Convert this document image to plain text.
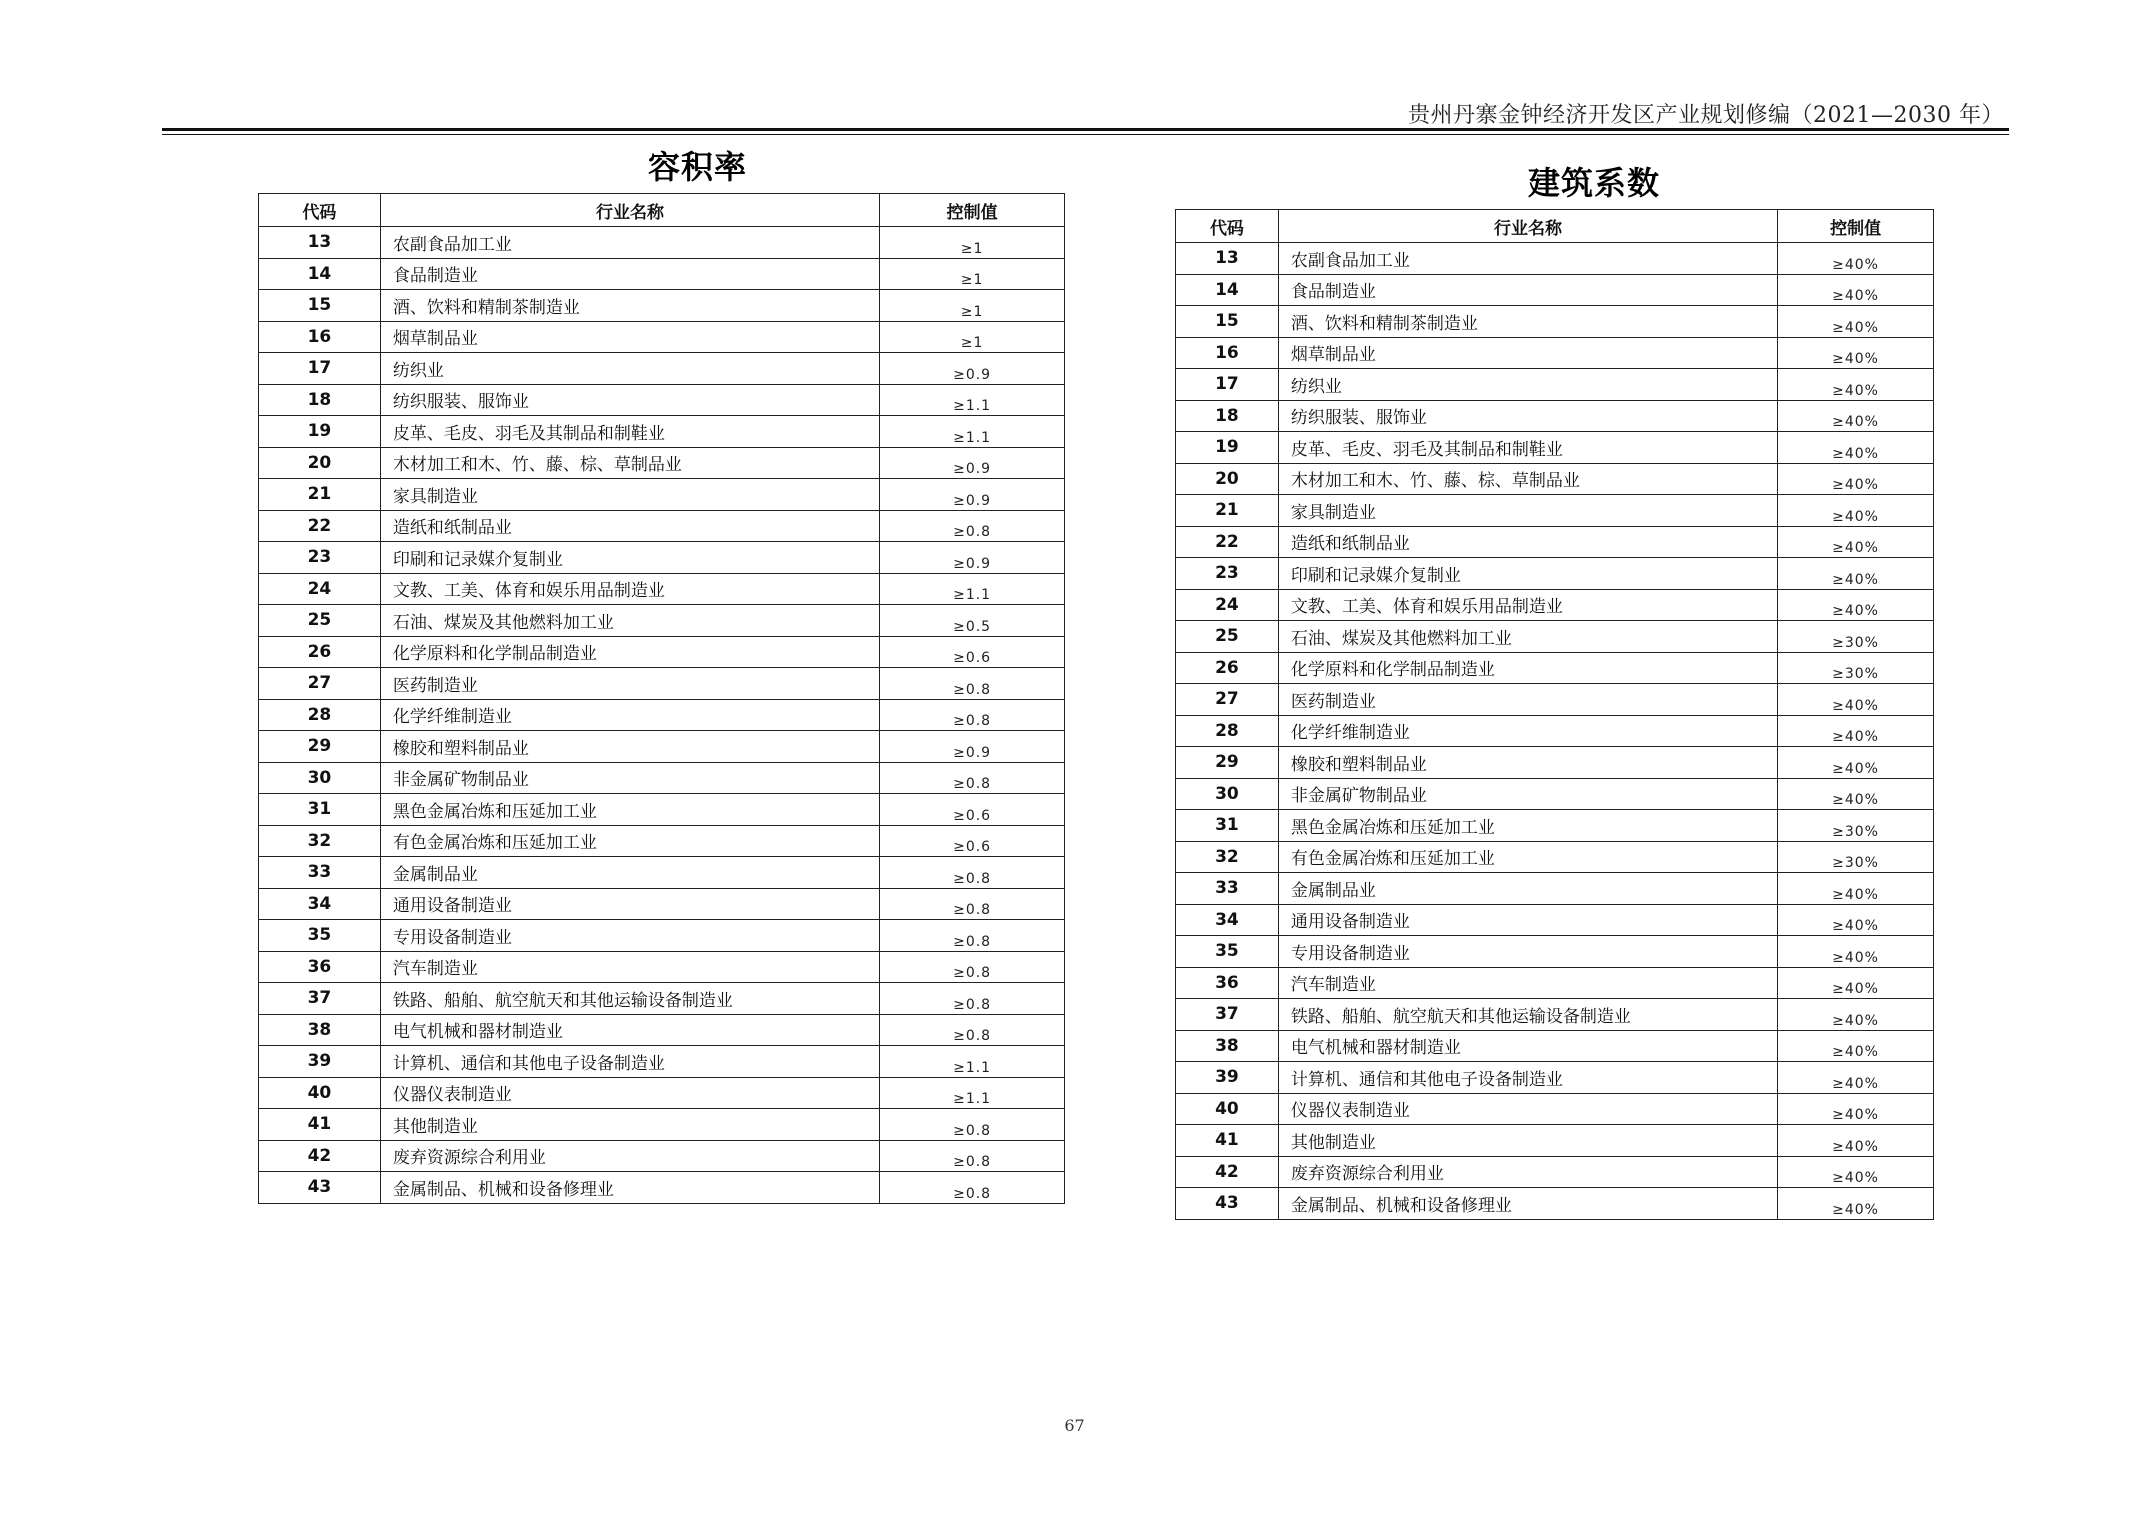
贵州丹寨金钟经济开发区产业规划修编（2021—2030 年）
容积率
代码	行业名称	控制值
13	农副食品加工业	≥1
14	食品制造业	≥1
15	酒、饮料和精制茶制造业	≥1
16	烟草制品业	≥1
17	纺织业	≥0.9
18	纺织服装、服饰业	≥1.1
19	皮革、毛皮、羽毛及其制品和制鞋业	≥1.1
20	木材加工和木、竹、藤、棕、草制品业	≥0.9
21	家具制造业	≥0.9
22	造纸和纸制品业	≥0.8
23	印刷和记录媒介复制业	≥0.9
24	文教、工美、体育和娱乐用品制造业	≥1.1
25	石油、煤炭及其他燃料加工业	≥0.5
26	化学原料和化学制品制造业	≥0.6
27	医药制造业	≥0.8
28	化学纤维制造业	≥0.8
29	橡胶和塑料制品业	≥0.9
30	非金属矿物制品业	≥0.8
31	黑色金属冶炼和压延加工业	≥0.6
32	有色金属冶炼和压延加工业	≥0.6
33	金属制品业	≥0.8
34	通用设备制造业	≥0.8
35	专用设备制造业	≥0.8
36	汽车制造业	≥0.8
37	铁路、船舶、航空航天和其他运输设备制造业	≥0.8
38	电气机械和器材制造业	≥0.8
39	计算机、通信和其他电子设备制造业	≥1.1
40	仪器仪表制造业	≥1.1
41	其他制造业	≥0.8
42	废弃资源综合利用业	≥0.8
43	金属制品、机械和设备修理业	≥0.8
建筑系数
代码	行业名称	控制值
13	农副食品加工业	≥40%
14	食品制造业	≥40%
15	酒、饮料和精制茶制造业	≥40%
16	烟草制品业	≥40%
17	纺织业	≥40%
18	纺织服装、服饰业	≥40%
19	皮革、毛皮、羽毛及其制品和制鞋业	≥40%
20	木材加工和木、竹、藤、棕、草制品业	≥40%
21	家具制造业	≥40%
22	造纸和纸制品业	≥40%
23	印刷和记录媒介复制业	≥40%
24	文教、工美、体育和娱乐用品制造业	≥40%
25	石油、煤炭及其他燃料加工业	≥30%
26	化学原料和化学制品制造业	≥30%
27	医药制造业	≥40%
28	化学纤维制造业	≥40%
29	橡胶和塑料制品业	≥40%
30	非金属矿物制品业	≥40%
31	黑色金属冶炼和压延加工业	≥30%
32	有色金属冶炼和压延加工业	≥30%
33	金属制品业	≥40%
34	通用设备制造业	≥40%
35	专用设备制造业	≥40%
36	汽车制造业	≥40%
37	铁路、船舶、航空航天和其他运输设备制造业	≥40%
38	电气机械和器材制造业	≥40%
39	计算机、通信和其他电子设备制造业	≥40%
40	仪器仪表制造业	≥40%
41	其他制造业	≥40%
42	废弃资源综合利用业	≥40%
43	金属制品、机械和设备修理业	≥40%
67
